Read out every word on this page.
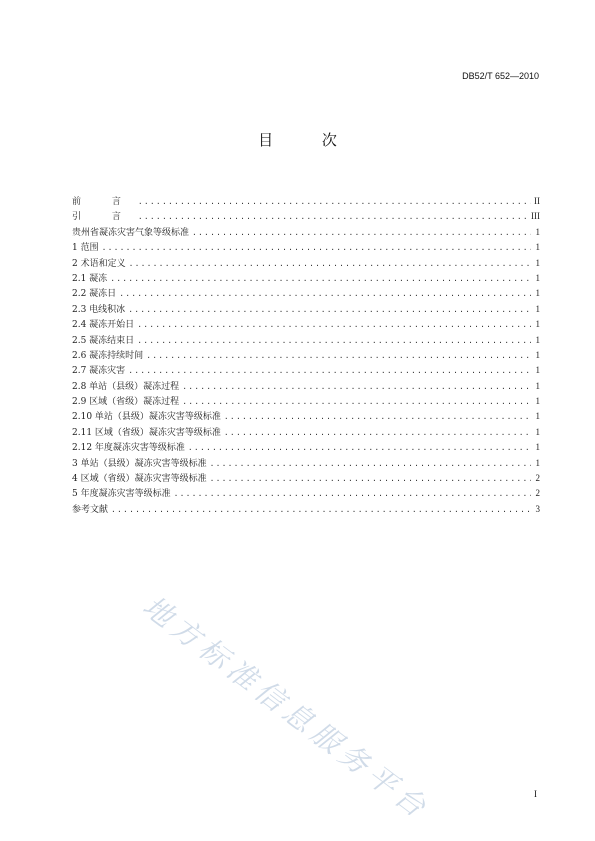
DB52/T 652—2010
目 次
前 言 .....	II
引 言 .....	III
贵州省凝冻灾害气象等级标准 .....	1
1 范围 .....	1
2 术语和定义 .....	1
2.1 凝冻 .....	1
2.2 凝冻日 .....	1
2.3 电线积冰 .....	1
2.4 凝冻开始日 .....	1
2.5 凝冻结束日 .....	1
2.6 凝冻持续时间 .....	1
2.7 凝冻灾害 .....	1
2.8 单站（县级）凝冻过程 .....	1
2.9 区域（省级）凝冻过程 .....	1
2.10 单站（县级）凝冻灾害等级标准 .....	1
2.11 区域（省级）凝冻灾害等级标准 .....	1
2.12 年度凝冻灾害等级标准 .....	1
3 单站（县级）凝冻灾害等级标准 .....	1
4 区域（省级）凝冻灾害等级标准 .....	2
5 年度凝冻灾害等级标准 .....	2
参考文献 .....	3
地方标准信息服务平台	I
